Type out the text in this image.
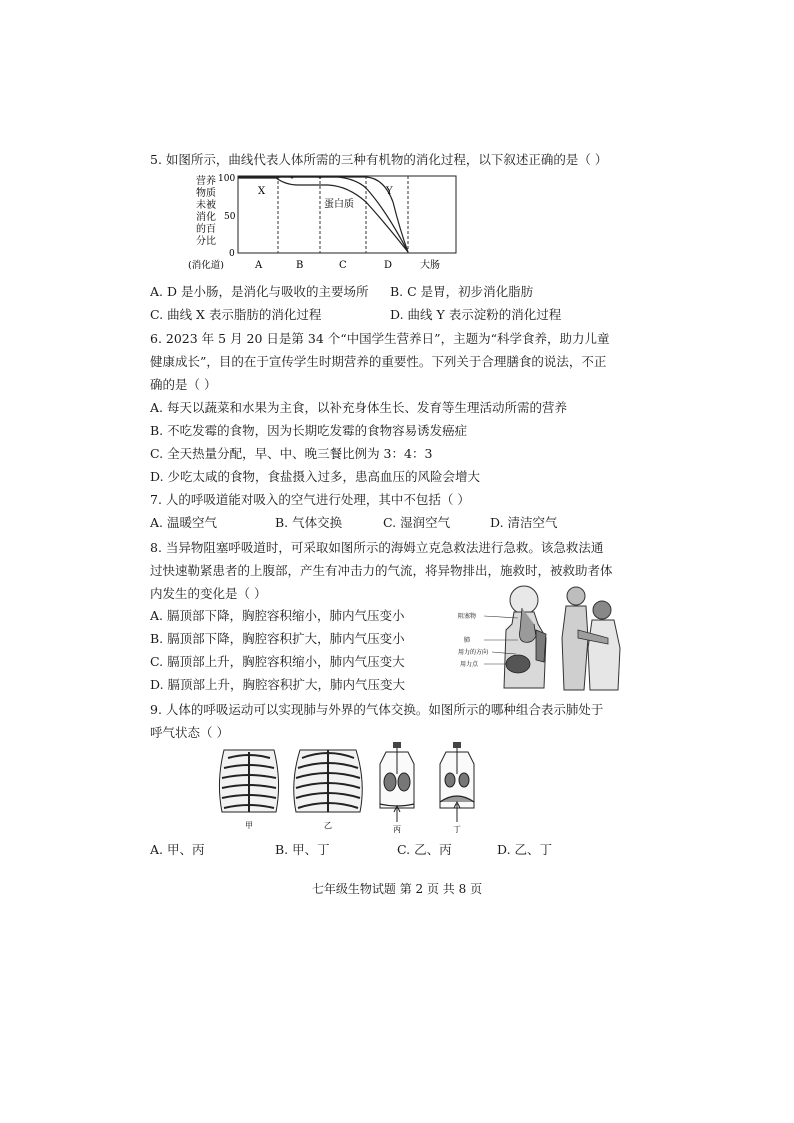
5. 如图所示，曲线代表人体所需的三种有机物的消化过程，以下叙述正确的是（ ）
营养
物质
未被
消化
的百
分比
100
50
0
X	Y
蛋白质
(消化道)	A	B	C	D	大肠
A. D 是小肠，是消化与吸收的主要场所 B. C 是胃，初步消化脂肪
C. 曲线 X 表示脂肪的消化过程	D. 曲线 Y 表示淀粉的消化过程
6. 2023 年 5 月 20 日是第 34 个“中国学生营养日”，主题为“科学食养，助力儿童
健康成长”，目的在于宣传学生时期营养的重要性。下列关于合理膳食的说法，不正
确的是（ ）
A. 每天以蔬菜和水果为主食，以补充身体生长、发育等生理活动所需的营养
B. 不吃发霉的食物，因为长期吃发霉的食物容易诱发癌症
C. 全天热量分配，早、中、晚三餐比例为 3：4：3
D. 少吃太咸的食物，食盐摄入过多，患高血压的风险会增大
7. 人的呼吸道能对吸入的空气进行处理，其中不包括（ ）
A. 温暖空气	B. 气体交换	C. 湿润空气	D. 清洁空气
8. 当异物阻塞呼吸道时，可采取如图所示的海姆立克急救法进行急救。该急救法通
过快速勒紧患者的上腹部，产生有冲击力的气流，将异物排出，施救时，被救助者体
内发生的变化是（ ）
A. 膈顶部下降，胸腔容积缩小，肺内气压变小
B. 膈顶部下降，胸腔容积扩大，肺内气压变小
C. 膈顶部上升，胸腔容积缩小，肺内气压变大
D. 膈顶部上升，胸腔容积扩大，肺内气压变大
阻塞物
肺
用力的方向
用力点
9. 人体的呼吸运动可以实现肺与外界的气体交换。如图所示的哪种组合表示肺处于
呼气状态（ ）
甲	乙	丙	丁
A. 甲、丙	B. 甲、丁	C. 乙、丙	D. 乙、丁
七年级生物试题 第 2 页 共 8 页
